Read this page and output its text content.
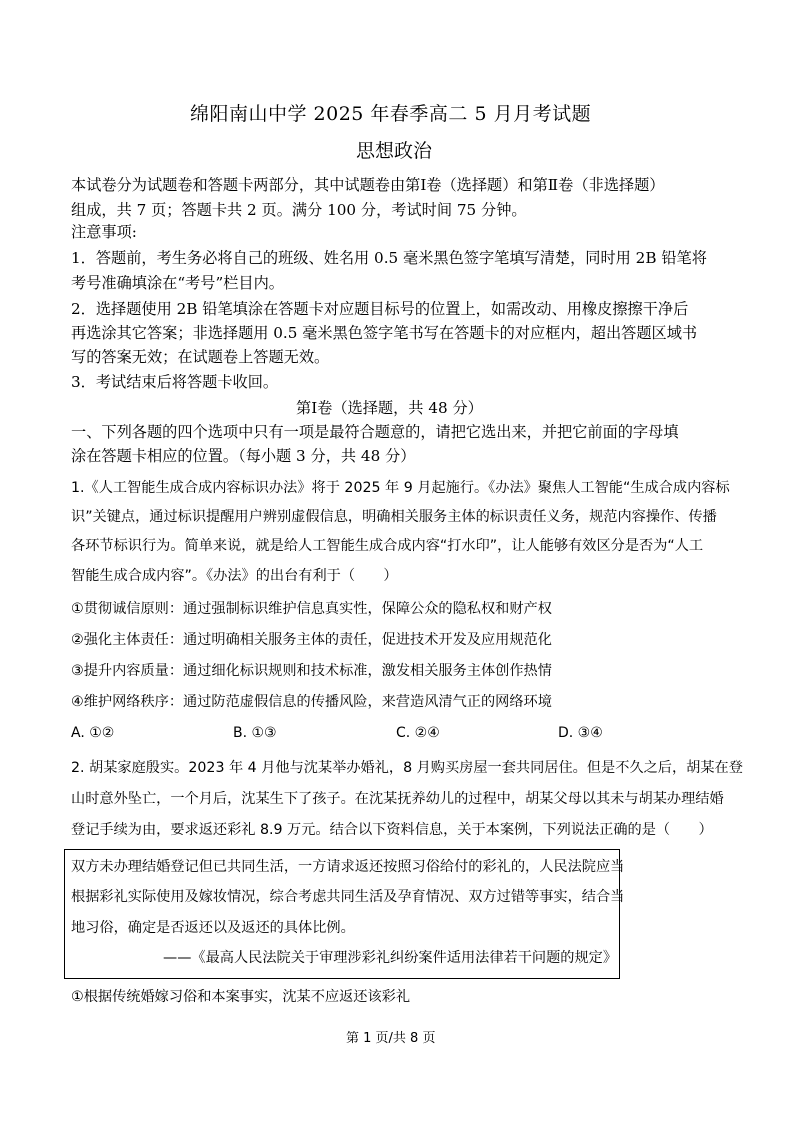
绵阳南山中学 2025 年春季高二 5 月月考试题
思想政治
本试卷分为试题卷和答题卡两部分，其中试题卷由第Ⅰ卷（选择题）和第Ⅱ卷（非选择题）
组成，共 7 页；答题卡共 2 页。满分 100 分，考试时间 75 分钟。
注意事项:
1．答题前，考生务必将自己的班级、姓名用 0.5 毫米黑色签字笔填写清楚，同时用 2B 铅笔将
考号准确填涂在“考号”栏目内。
2．选择题使用 2B 铅笔填涂在答题卡对应题目标号的位置上，如需改动、用橡皮擦擦干净后
再选涂其它答案；非选择题用 0.5 毫米黑色签字笔书写在答题卡的对应框内，超出答题区域书
写的答案无效；在试题卷上答题无效。
3．考试结束后将答题卡收回。
第Ⅰ卷（选择题，共 48 分）
一、下列各题的四个选项中只有一项是最符合题意的，请把它选出来，并把它前面的字母填
涂在答题卡相应的位置。（每小题 3 分，共 48 分）
1.《人工智能生成合成内容标识办法》将于 2025 年 9 月起施行。《办法》聚焦人工智能“生成合成内容标
识”关键点，通过标识提醒用户辨别虚假信息，明确相关服务主体的标识责任义务，规范内容操作、传播
各环节标识行为。简单来说，就是给人工智能生成合成内容“打水印”，让人能够有效区分是否为“人工
智能生成合成内容”。《办法》的出台有利于（　　）
①贯彻诚信原则：通过强制标识维护信息真实性，保障公众的隐私权和财产权
②强化主体责任：通过明确相关服务主体的责任，促进技术开发及应用规范化
③提升内容质量：通过细化标识规则和技术标准，激发相关服务主体创作热情
④维护网络秩序：通过防范虚假信息的传播风险，来营造风清气正的网络环境
A. ①②	B. ①③	C. ②④	D. ③④
2. 胡某家庭殷实。2023 年 4 月他与沈某举办婚礼，8 月购买房屋一套共同居住。但是不久之后，胡某在登
山时意外坠亡，一个月后，沈某生下了孩子。在沈某抚养幼儿的过程中，胡某父母以其未与胡某办理结婚
登记手续为由，要求返还彩礼 8.9 万元。结合以下资料信息，关于本案例，下列说法正确的是（　　）
双方未办理结婚登记但已共同生活，一方请求返还按照习俗给付的彩礼的，人民法院应当
根据彩礼实际使用及嫁妆情况，综合考虑共同生活及孕育情况、双方过错等事实，结合当
地习俗，确定是否返还以及返还的具体比例。
——《最高人民法院关于审理涉彩礼纠纷案件适用法律若干问题的规定》
①根据传统婚嫁习俗和本案事实，沈某不应返还该彩礼
第 1 页/共 8 页
